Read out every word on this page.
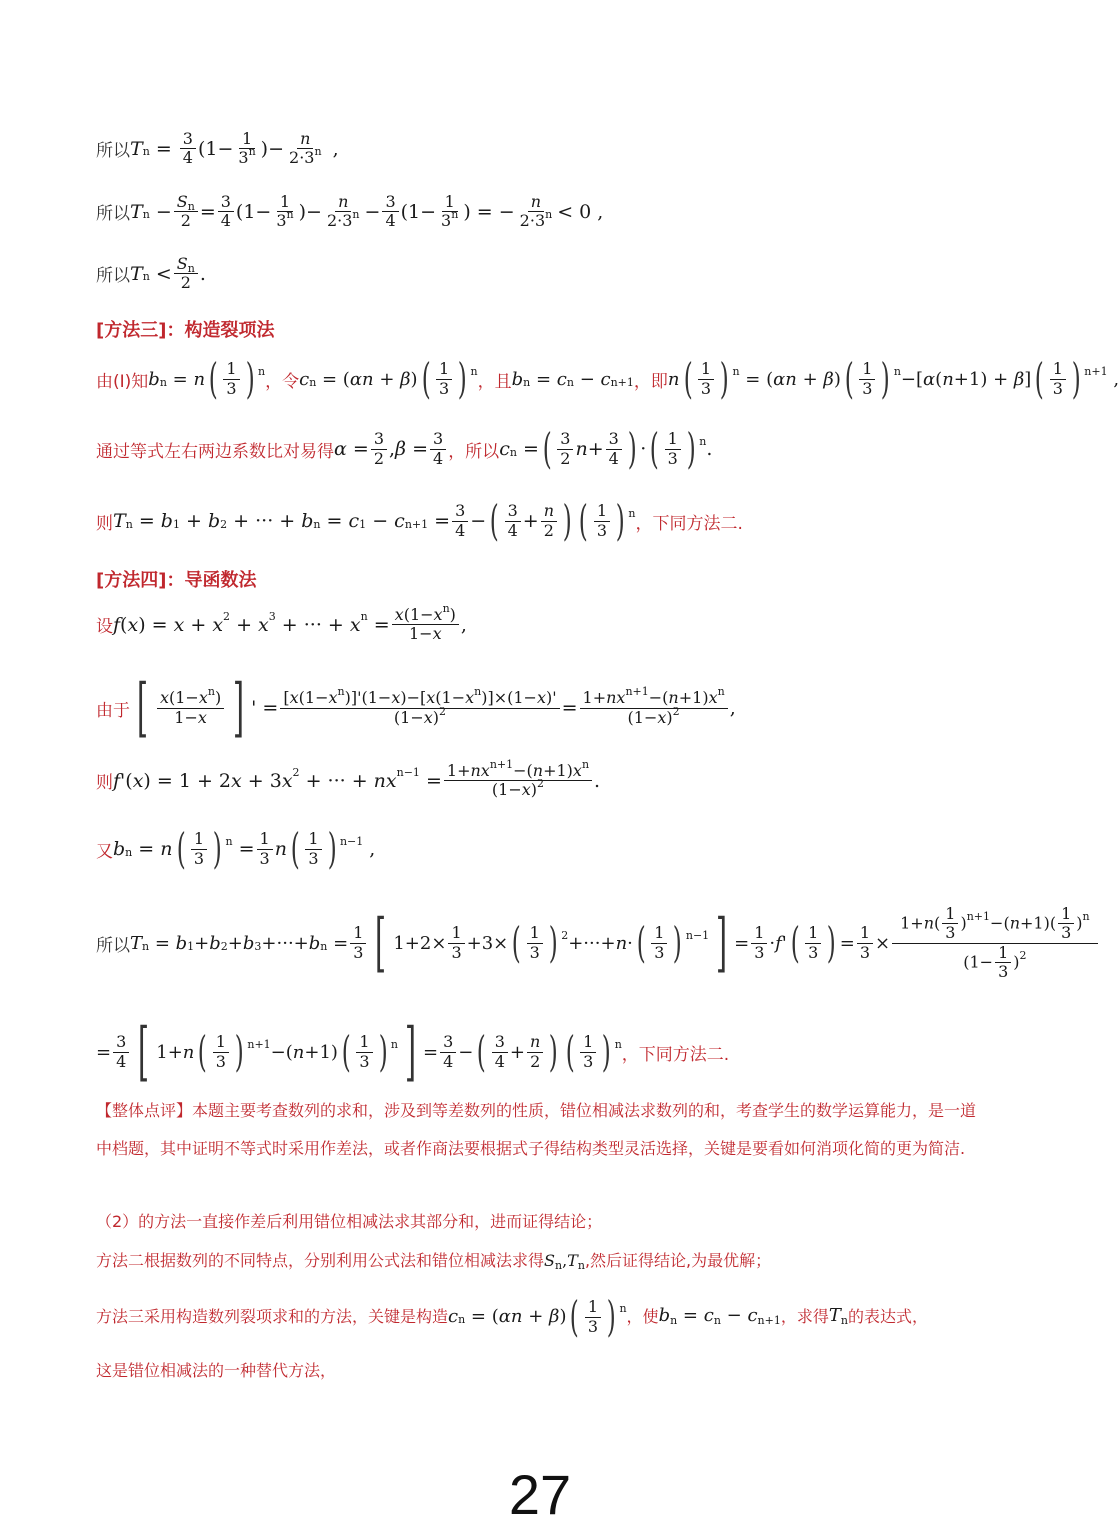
所以 $T_n = 3$
4 (1− 1
3$^n$ )− n
$2\cdot 3^n$ ,
所以 $T_n - S_n$
2 = 3
4 (1− 1
3$^n$ )− n
$2\cdot 3^n - 3$
4 (1− 1
3$^n$ ) = − n
$2\cdot 3^n < 0$ ,
所以 $T_n < S_n$
2 .
[方法三]：构造裂项法
由(Ⅰ)知 $b_n = n$ ( 1
3 ) $^n$
，令 $c_n$ = ( αn + β ) ( 1
3 ) $^n$
，且 $b_n = c_n - c_{n+1}$ ，即 n ( 1
3 ) $^n$ = ( αn + β ) ( 1
3 ) $^n$ −[ α ( n +1) + β ] ( 1
3 ) $^{n+1}$ ,
通过等式左右两边系数比对易得 α = 3
2 , β = 3
4 ，所以 $c_n$ = ( 3
2 n + 3
4 ) · ( 1
3 ) $^n$ .
则 $T_n = b_1 + b_2$ + ··· + $b_n = c_1 - c_{n+1} = 3$
4 − ( 3
4 + n
2 ) ( 1
3 ) $^n$
，下同方法二.
[方法四]：导函数法
设 f ( x ) = $x + x^2 + x^3$ + ··· + $x^n = x(1-x^n)$
1−x ,
由于 [ $x(1-x^n)$
1−x ] ' = $[x(1-x^n)]'(1-x)-[x(1-x^n)]\times(1-x)'$
$(1-x)^2$	= $1+nx^{n+1}-(n+1)x^n$
$(1-x)^2$	,
则 f '( x ) = 1 + 2 x + 3 $x^2$ + ··· + $nx^{n-1} = 1+nx^{n+1}-(n+1)x^n$
$(1-x)^2$	.
又 $b_n = n$ ( 1
3 ) $^n$ = 1
3 n ( 1
3 ) $^{n-1}$ ,
所以 $T_n = b_1 + b_2 + b_3$ +···+ $b_n = 1$
3 [ 1+2× 1
3 +3× ( 1
3 ) $^2$ +···+ n · ( 1
3 ) $^{n-1}$ ] = 1
3 · f ' ( 1
3 ) = 1
3 ×
$1+n( \frac{1}{3} )^{n+1}-(n+1)( \frac{1}{3} )^n$
$(1- \frac{1}{3} )^2$
= 3
4 [ 1+ n ( 1
3 ) $^{n+1}$ −( n +1) ( 1
3 ) $^n$ ] = 3
4 − ( 3
4 + n
2 ) ( 1
3 ) $^n$
，下同方法二.
【整体点评】本题主要考查数列的求和，涉及到等差数列的性质，错位相减法求数列的和，考查学生的数学运算能力，是一道中档题，其中证明不等式时采用作差法，或者作商法要根据式子得结构类型灵活选择，关键是要看如何消项化简的更为简洁.
（2）的方法一直接作差后利用错位相减法求其部分和，进而证得结论；
方法二根据数列的不同特点，分别利用公式法和错位相减法求得$S_n,T_n$,然后证得结论,为最优解；
方法三采用构造数列裂项求和的方法，关键是构造 $c_n$ = ( αn + β ) ( 1
3 ) $^n$ ，使 $b_n = c_n - c_{n+1}$ ，求得 $T_n$ 的表达式，
这是错位相减法的一种替代方法，
27
